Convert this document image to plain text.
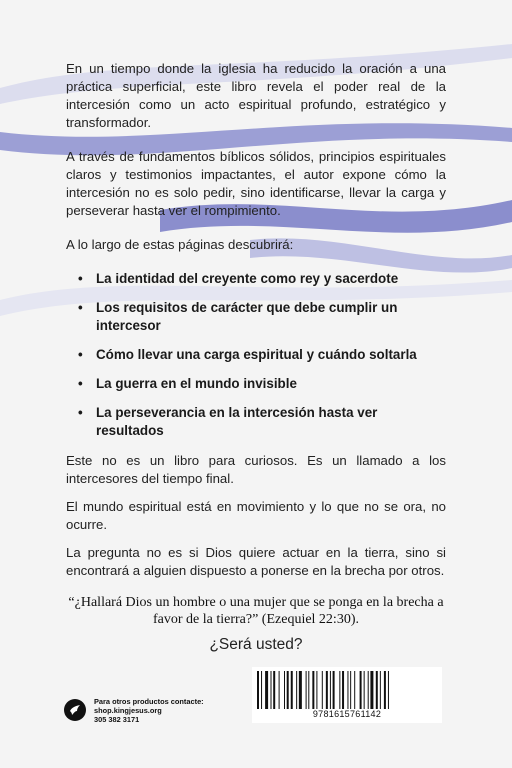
En un tiempo donde la iglesia ha reducido la oración a una práctica superficial, este libro revela el poder real de la intercesión como un acto espiritual profundo, estratégico y transformador.

A través de fundamentos bíblicos sólidos, principios espirituales claros y testimonios impactantes, el autor expone cómo la intercesión no es solo pedir, sino identificarse, llevar la carga y perseverar hasta ver el rompimiento.

A lo largo de estas páginas descubrirá:

• La identidad del creyente como rey y sacerdote
• Los requisitos de carácter que debe cumplir un intercesor
• Cómo llevar una carga espiritual y cuándo soltarla
• La guerra en el mundo invisible
• La perseverancia en la intercesión hasta ver resultados

Este no es un libro para curiosos. Es un llamado a los intercesores del tiempo final.

El mundo espiritual está en movimiento y lo que no se ora, no ocurre.

La pregunta no es si Dios quiere actuar en la tierra, sino si encontrará a alguien dispuesto a ponerse en la brecha por otros.

“¿Hallará Dios un hombre o una mujer que se ponga en la brecha a favor de la tierra?” (Ezequiel 22:30).

¿Será usted?

Para otros productos contacte:
shop.kingjesus.org
305 382 3171
9781615761142
